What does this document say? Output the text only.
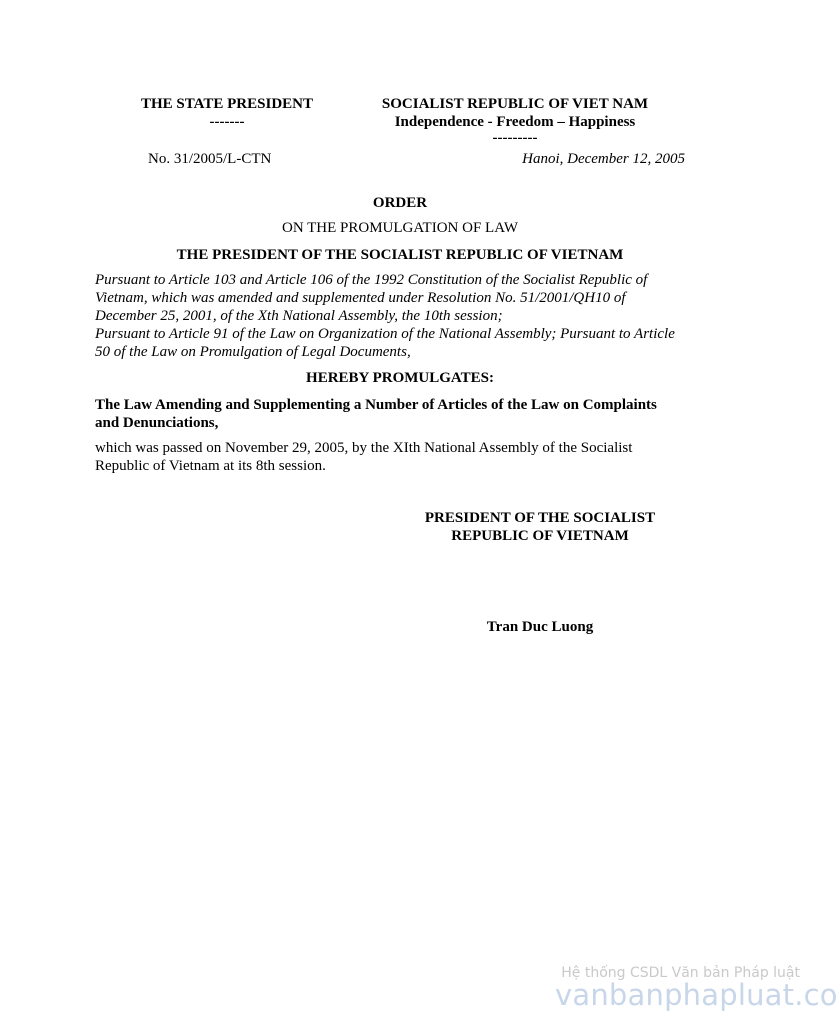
THE STATE PRESIDENT
-------
SOCIALIST REPUBLIC OF VIET NAM
Independence - Freedom – Happiness
---------
No. 31/2005/L-CTN	Hanoi, December 12, 2005
ORDER
ON THE PROMULGATION OF LAW
THE PRESIDENT OF THE SOCIALIST REPUBLIC OF VIETNAM
Pursuant to Article 103 and Article 106 of the 1992 Constitution of the Socialist Republic of
Vietnam, which was amended and supplemented under Resolution No. 51/2001/QH10 of
December 25, 2001, of the Xth National Assembly, the 10th session;
Pursuant to Article 91 of the Law on Organization of the National Assembly; Pursuant to Article
50 of the Law on Promulgation of Legal Documents,
HEREBY PROMULGATES:
The Law Amending and Supplementing a Number of Articles of the Law on Complaints
and Denunciations,
which was passed on November 29, 2005, by the XIth National Assembly of the Socialist
Republic of Vietnam at its 8th session.
PRESIDENT OF THE SOCIALIST
REPUBLIC OF VIETNAM
Tran Duc Luong
Hệ thống CSDL Văn bản Pháp luật
vanbanphapluat.co
